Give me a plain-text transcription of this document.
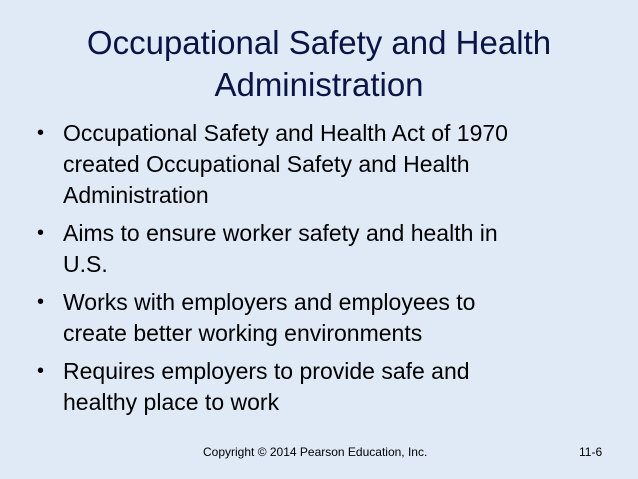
Occupational Safety and Health
Administration
• Occupational Safety and Health Act of 1970
created Occupational Safety and Health
Administration
• Aims to ensure worker safety and health in
U.S.
• Works with employers and employees to
create better working environments
• Requires employers to provide safe and
healthy place to work
Copyright © 2014 Pearson Education, Inc.	11-6
